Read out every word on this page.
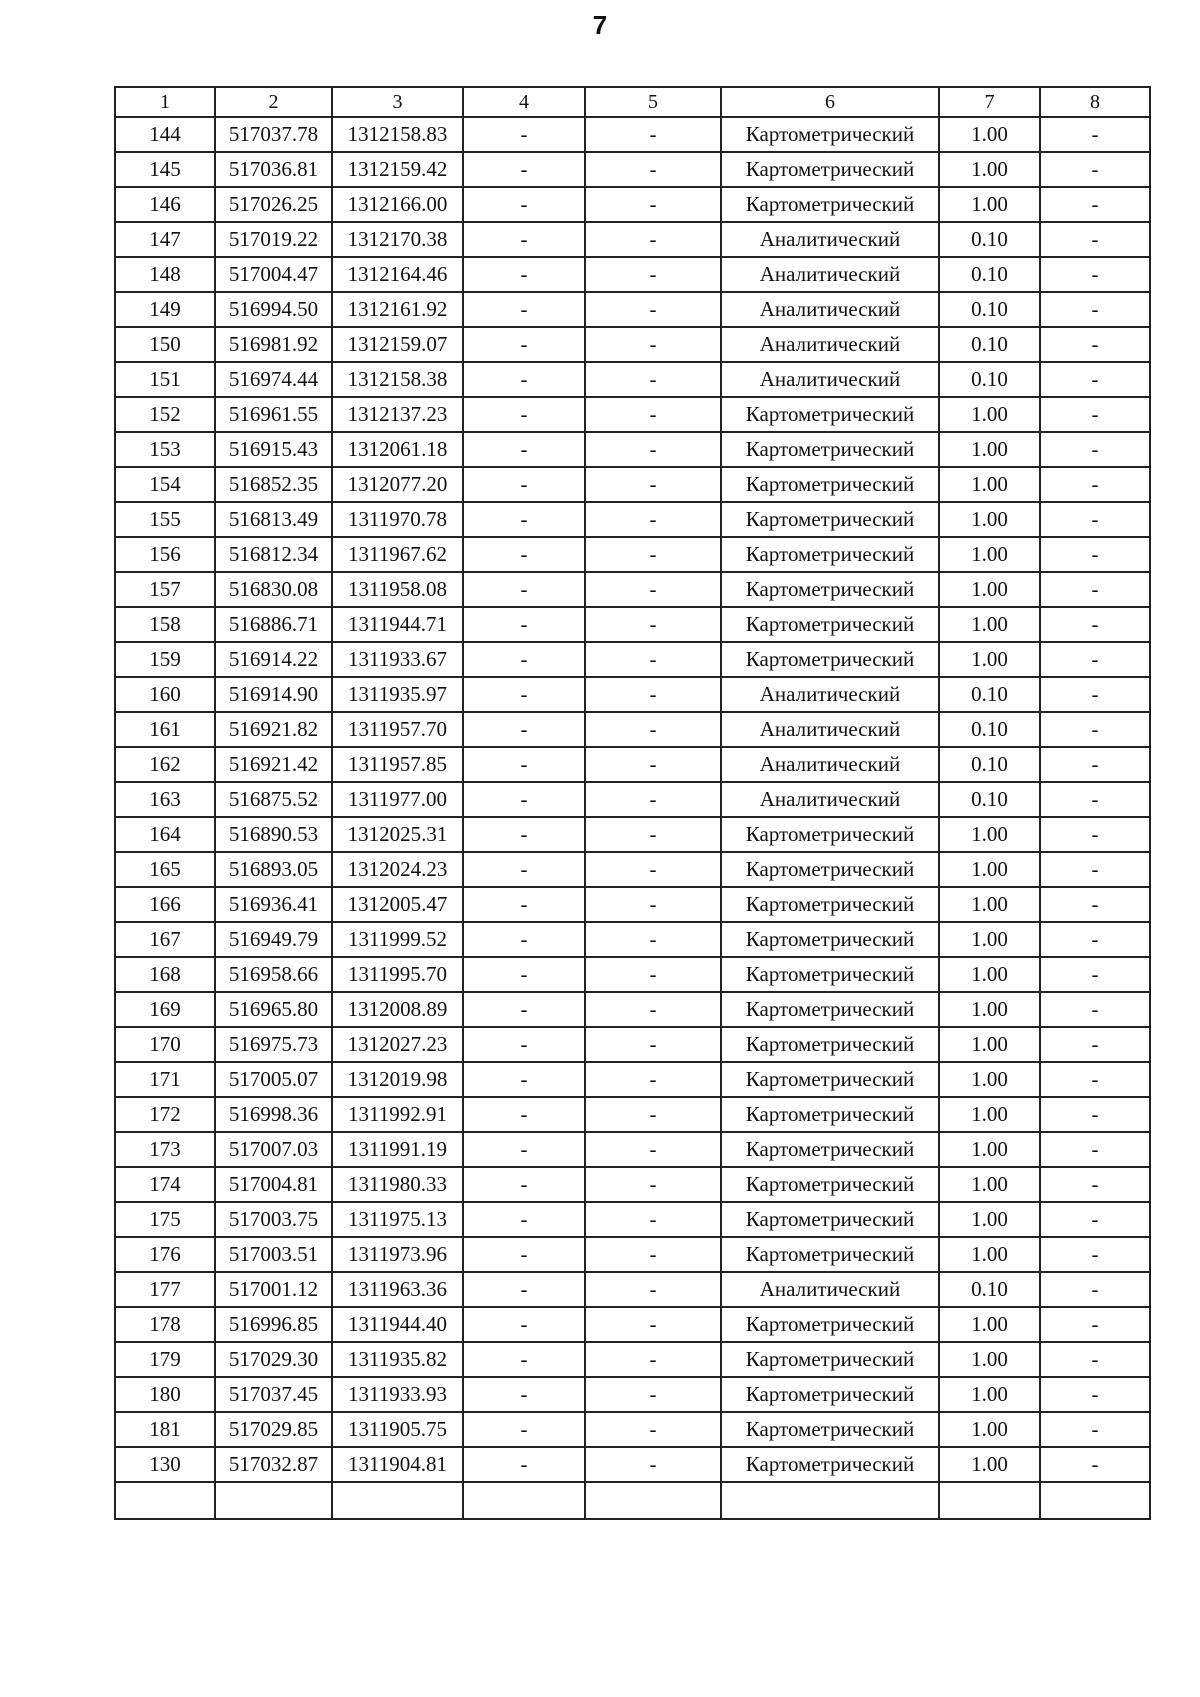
7
1	2	3	4	5	6	7	8
144	517037.78	1312158.83	-	-	Картометрический	1.00	-
145	517036.81	1312159.42	-	-	Картометрический	1.00	-
146	517026.25	1312166.00	-	-	Картометрический	1.00	-
147	517019.22	1312170.38	-	-	Аналитический	0.10	-
148	517004.47	1312164.46	-	-	Аналитический	0.10	-
149	516994.50	1312161.92	-	-	Аналитический	0.10	-
150	516981.92	1312159.07	-	-	Аналитический	0.10	-
151	516974.44	1312158.38	-	-	Аналитический	0.10	-
152	516961.55	1312137.23	-	-	Картометрический	1.00	-
153	516915.43	1312061.18	-	-	Картометрический	1.00	-
154	516852.35	1312077.20	-	-	Картометрический	1.00	-
155	516813.49	1311970.78	-	-	Картометрический	1.00	-
156	516812.34	1311967.62	-	-	Картометрический	1.00	-
157	516830.08	1311958.08	-	-	Картометрический	1.00	-
158	516886.71	1311944.71	-	-	Картометрический	1.00	-
159	516914.22	1311933.67	-	-	Картометрический	1.00	-
160	516914.90	1311935.97	-	-	Аналитический	0.10	-
161	516921.82	1311957.70	-	-	Аналитический	0.10	-
162	516921.42	1311957.85	-	-	Аналитический	0.10	-
163	516875.52	1311977.00	-	-	Аналитический	0.10	-
164	516890.53	1312025.31	-	-	Картометрический	1.00	-
165	516893.05	1312024.23	-	-	Картометрический	1.00	-
166	516936.41	1312005.47	-	-	Картометрический	1.00	-
167	516949.79	1311999.52	-	-	Картометрический	1.00	-
168	516958.66	1311995.70	-	-	Картометрический	1.00	-
169	516965.80	1312008.89	-	-	Картометрический	1.00	-
170	516975.73	1312027.23	-	-	Картометрический	1.00	-
171	517005.07	1312019.98	-	-	Картометрический	1.00	-
172	516998.36	1311992.91	-	-	Картометрический	1.00	-
173	517007.03	1311991.19	-	-	Картометрический	1.00	-
174	517004.81	1311980.33	-	-	Картометрический	1.00	-
175	517003.75	1311975.13	-	-	Картометрический	1.00	-
176	517003.51	1311973.96	-	-	Картометрический	1.00	-
177	517001.12	1311963.36	-	-	Аналитический	0.10	-
178	516996.85	1311944.40	-	-	Картометрический	1.00	-
179	517029.30	1311935.82	-	-	Картометрический	1.00	-
180	517037.45	1311933.93	-	-	Картометрический	1.00	-
181	517029.85	1311905.75	-	-	Картометрический	1.00	-
130	517032.87	1311904.81	-	-	Картометрический	1.00	-
